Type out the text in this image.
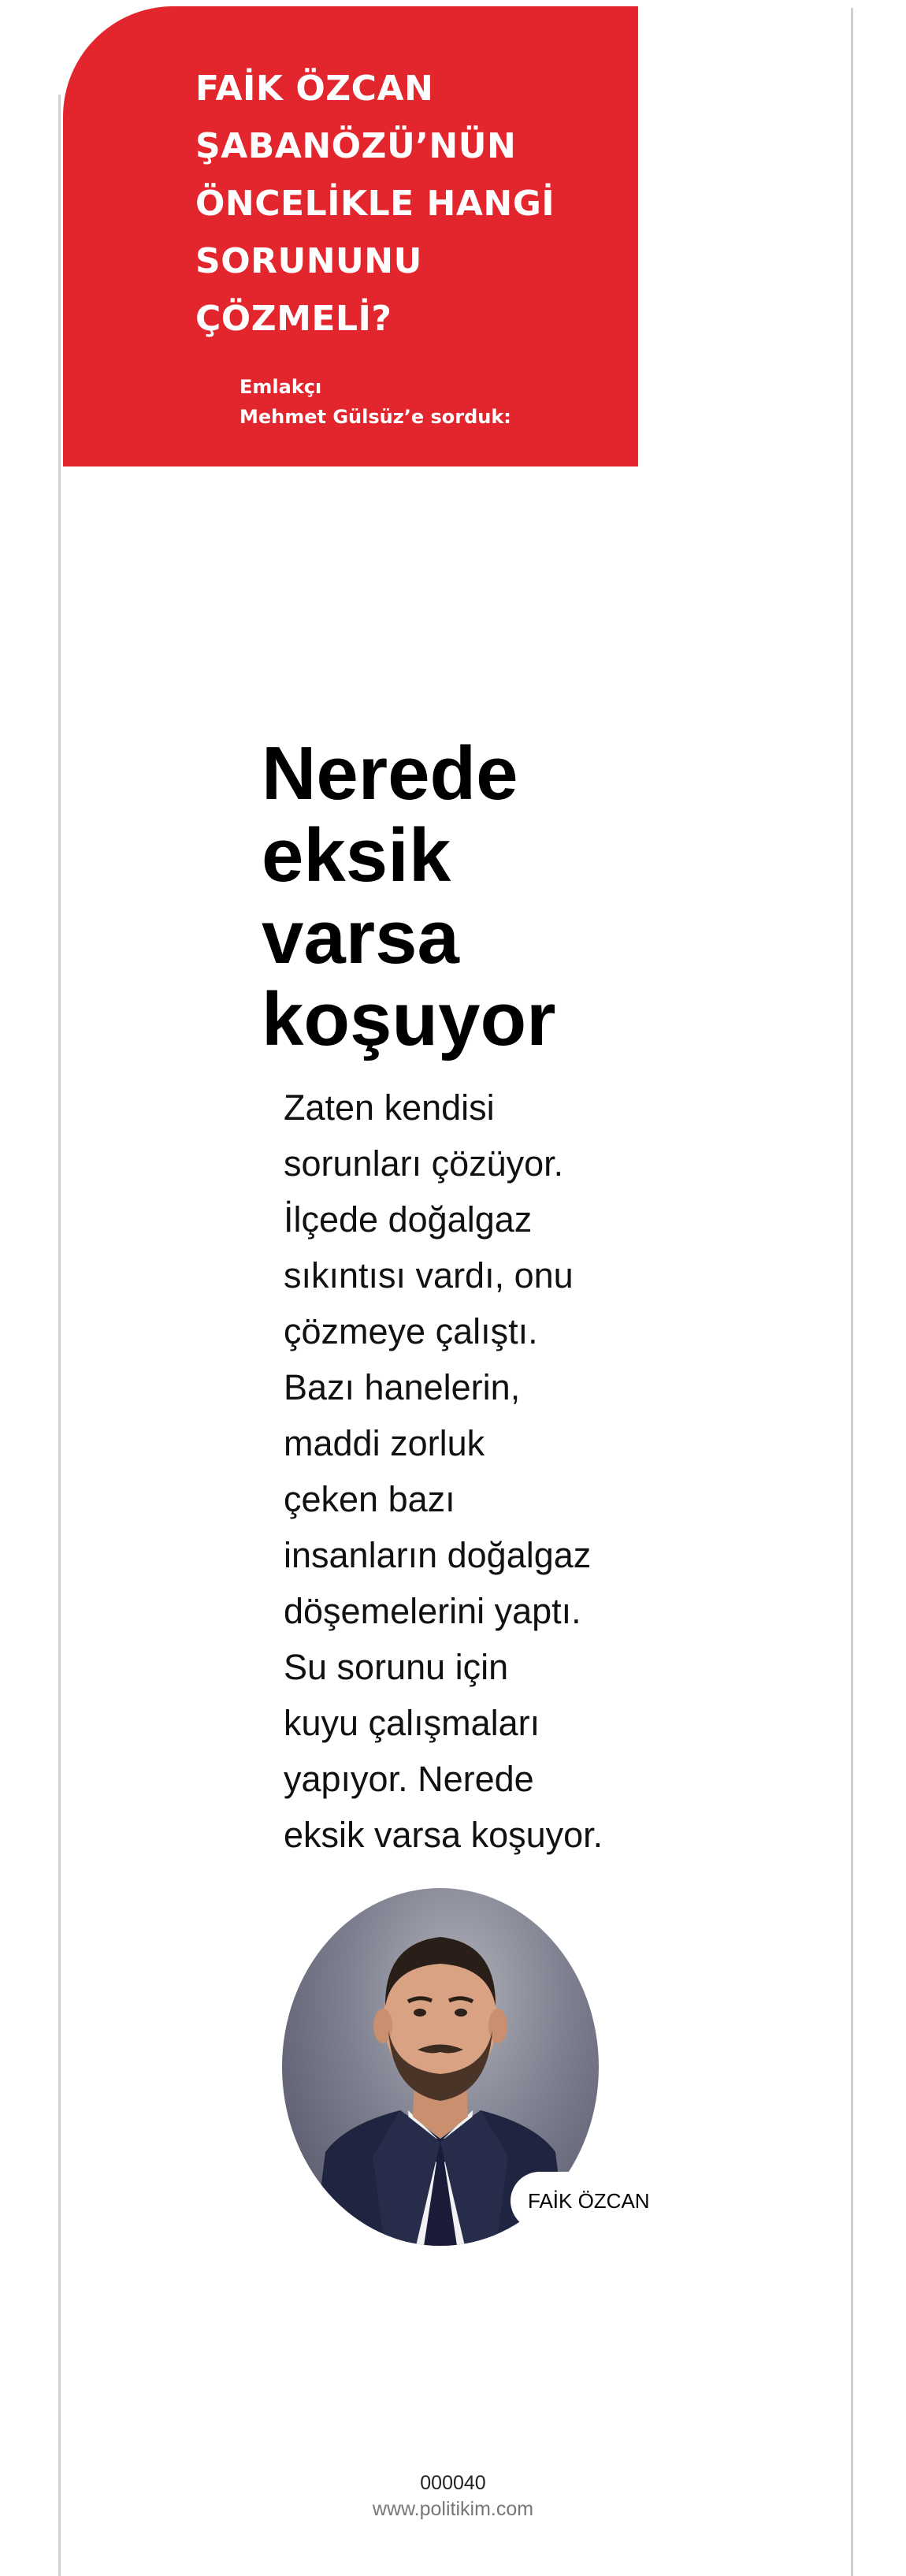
FAİK ÖZCAN
ŞABANÖZÜ’NÜN
ÖNCELİKLE HANGİ
SORUNUNU ÇÖZMELİ?

Emlakçı
Mehmet Gülsüz’e sorduk:

Nerede
eksik
varsa
koşuyor

Zaten kendisi
sorunları çözüyor.
İlçede doğalgaz
sıkıntısı vardı, onu
çözmeye çalıştı.
Bazı hanelerin,
maddi zorluk
çeken bazı
insanların doğalgaz
döşemelerini yaptı.
Su sorunu için
kuyu çalışmaları
yapıyor. Nerede
eksik varsa koşuyor.

FAİK ÖZCAN

000040

www.politikim.com
